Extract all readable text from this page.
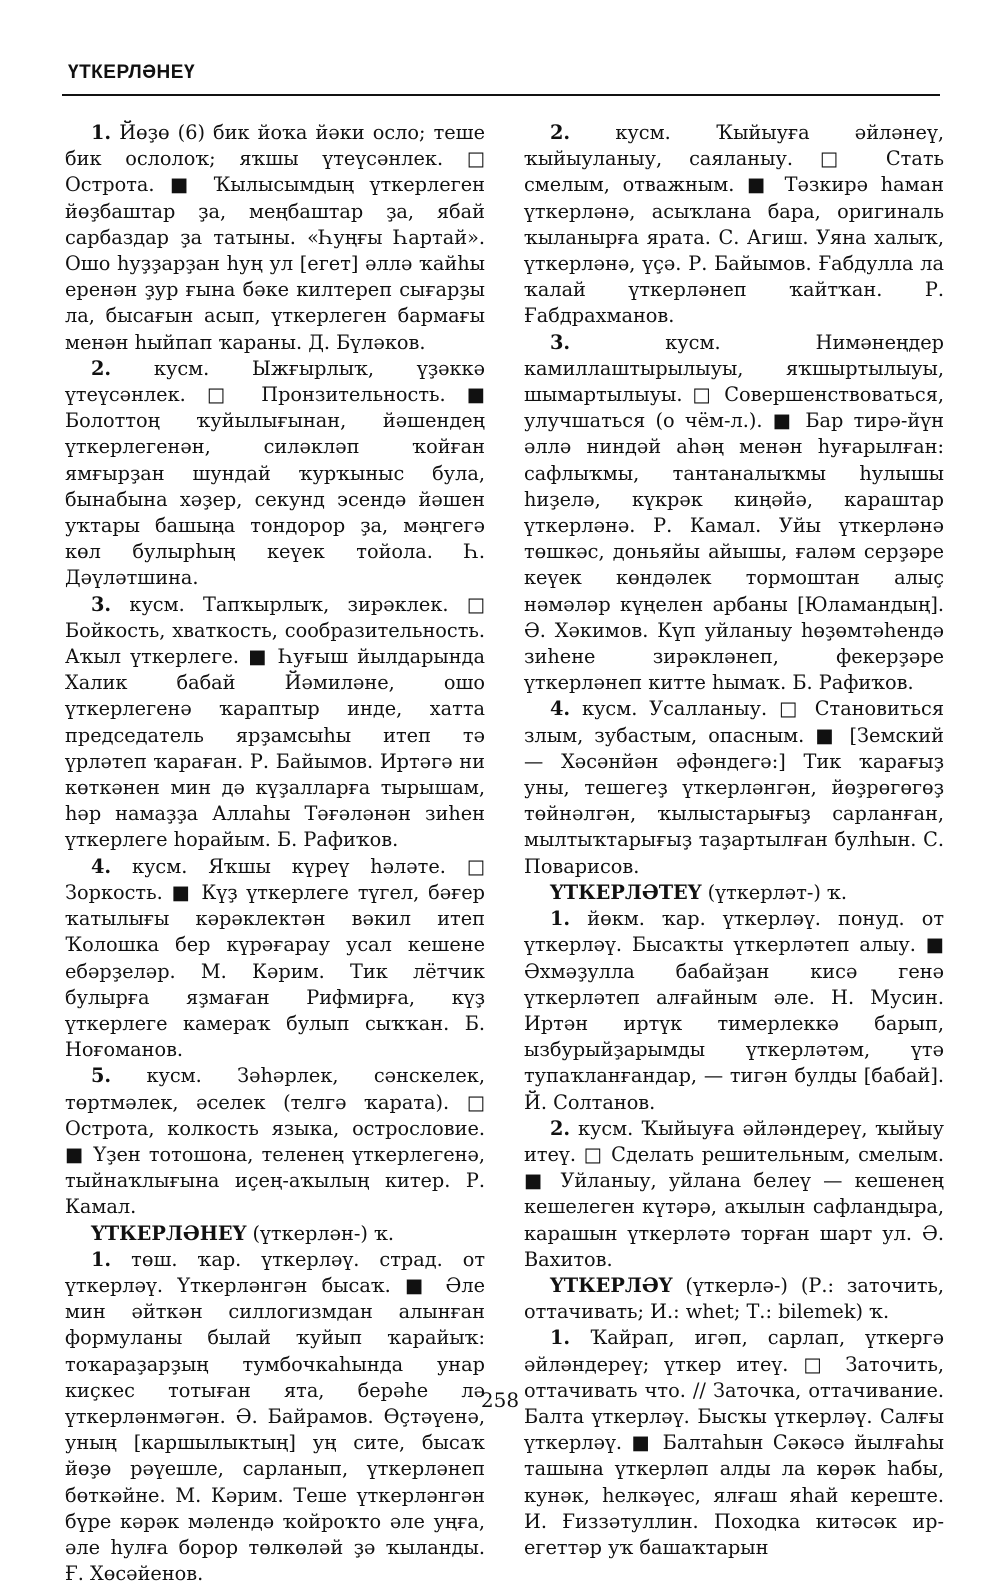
ҮТКЕРЛӘНЕҮ

1. Йөҙө (6) бик йоҡа йәки осло; теше бик ослолоҡ; яҡшы үтеүсәнлек. □ Острота. ■ Ҡылысымдың үткерлеген йөҙбаштар ҙа, меңбаштар ҙа, ябай сарбаздар ҙа татыны. «Һуңғы Һартай». Ошо һуҙҙарҙан һуң ул [егет] әллә ҡайһы еренән ҙур ғына бәке килтереп сығарҙы ла, бысағын асып, үткерлеген бармағы менән һыйпап ҡараны. Д. Бүләков.

2. кусм. Ыжғырлыҡ, үҙәккә үтеүсәнлек. □ Пронзительность. ■ Болоттоң ҡуйылығынан, йәшендең үткерлегенән, силәкләп ҡойған ямғырҙан шундай ҡурҡыныс була, бынабына хәҙер, секунд эсендә йәшен уҡтары башыңа тондорор ҙа, мәңгегә көл булырһың кеүек тойола. Һ. Дәүләтшина.

3. кусм. Тапҡырлыҡ, зирәклек. □ Бойкость, хваткость, сообразительность. Аҡыл үткерлеге. ■ Һуғыш йылдарында Халик бабай Йәмиләне, ошо үткерлегенә ҡараптыр инде, хатта председатель ярҙамсыһы итеп тә үрләтеп ҡараған. Р. Байымов. Иртәгә ни көткәнен мин дә күҙалларға тырышам, һәр намаҙҙа Аллаһы Тәғәләнән зиһен үткерлеге һорайым. Б. Рафиҡов.

4. кусм. Яҡшы күреү һәләте. □ Зоркость. ■ Күҙ үткерлеге түгел, бәғер ҡатылығы кәрәклектән вәкил итеп Ҡолошка бер күрәғарау усал кешене ебәрҙеләр. М. Кәрим. Тик лётчик булырға яҙмаған Рифмирға, күҙ үткерлеге камераҡ булып сыҡҡан. Б. Ноғоманов.

5. кусм. Зәһәрлек, сәнскелек, төртмәлек, әселек (телгә ҡарата). □ Острота, колкость языка, острословие. ■ Үҙен тотошона, теленең үткерлегенә, тыйнаҡлығына иҫең-аҡылың китер. Р. Камал.

ҮТКЕРЛӘНЕҮ (үткерлән-) ҡ.

1. төш. ҡар. үткерләү. страд. от үткерләү. Үткерләнгән бысаҡ. ■ Әле мин әйткән силлогизмдан алынған формуланы былай ҡуйып ҡарайыҡ: тоҡараҙарҙың тумбочкаһында унар киҫкес тотыған ята, берәһе лә үткерләнмәгән. Ә. Байрамов. Өҫтәүенә, уның [каршылыктың] уң сите, бысаҡ йөҙө рәүешле, сарланып, үткерләнеп бөткәйне. М. Кәрим. Теше үткерләнгән бүре кәрәк мәлендә ҡойроҡто әле уңға, әле һулға борор төлкөләй ҙә ҡыланды. Ғ. Хөсәйенов.

2. кусм. Ҡыйыуға әйләнеү, ҡыйыуланыу, саяланыу. □ Стать смелым, отважным. ■ Тәзкирә һаман үткерләнә, асыҡлана бара, оригиналь ҡыланырға ярата. С. Агиш. Уяна халыҡ, үткерләнә, үҫә. Р. Байымов. Ғабдулла ла ҡалай үткерләнеп ҡайтҡан. Р. Ғабдрахманов.

3.	кусм. Нимәнеңдер камиллаштырылыуы, яҡшыртылыуы, шымартылыуы. □ Совершенствоваться, улучшаться (о чём-л.). ■ Бар тирә-йүн әллә ниндәй аһәң менән һуғарылған: сафлыҡмы, тантаналыҡмы һулышы һиҙелә, күкрәк киңәйә, караштар үткерләнә. Р. Камал. Уйы үткерләнә төшкәс, доньяйы айышы, ғаләм серҙәре кеүек көндәлек тормоштан алыҫ нәмәләр күңелен арбаны [Юламандың]. Ә. Хәкимов. Күп уйланыу һөҙөмтәһендә зиһене зирәкләнеп, фекерҙәре үткерләнеп китте һымаҡ. Б. Рафиҡов.

4. кусм. Усалланыу. □ Становиться злым, зубастым, опасным. ■ [Земский — Хәсәнйән әфәндегә:] Тик ҡарағыҙ уны, тешегеҙ үткерләнгән, йөҙрөгөгөҙ төйнәлгән, ҡылыстарығыҙ сарланған, мылтыҡтарығыҙ таҙартылған булһын. С. Поварисов.

ҮТКЕРЛӘТЕҮ (үткерләт-) ҡ.

1. йөкм. ҡар. үткерләү. понуд. от үткерләү. Бысаҡты үткерләтеп алыу. ■ Әхмәҙулла бабайҙан кисә генә үткерләтеп алғайным әле. Н. Мусин. Иртән иртүк тимерлеккә барып, ызбурыйҙарымды үткерләтәм, үтә тупаҡланғандар, — тигән булды [бабай]. Й. Солтанов.

2. кусм. Ҡыйыуға әйләндереү, ҡыйыу итеү. □ Сделать решительным, смелым. ■ Уйланыу, уйлана белеү — кешенең кешелеген күтәрә, аҡылын сафландыра, карашын үткерләтә торған шарт ул. Ә. Вахитов.

ҮТКЕРЛӘҮ (үткерлә-) (Р.: заточить, оттачивать; И.: whet; Т.: bilemek) ҡ.

1. Ҡайрап, игәп, сарлап, үткергә әйләндереү; үткер итеү. □ Заточить, оттачивать что. // Заточка, оттачивание. Балта үткерләү. Бысҡы үткерләү. Салғы үткерләү. ■ Балтаһын Сәкәсә йылғаһы ташына үткерләп алды ла көрәк һабы, кунәк, һелкәүес, ялғаш яһай кереште. И. Ғиззәтуллин. Походка китәсәк ир-егеттәр уҡ башаҡтарын

258
